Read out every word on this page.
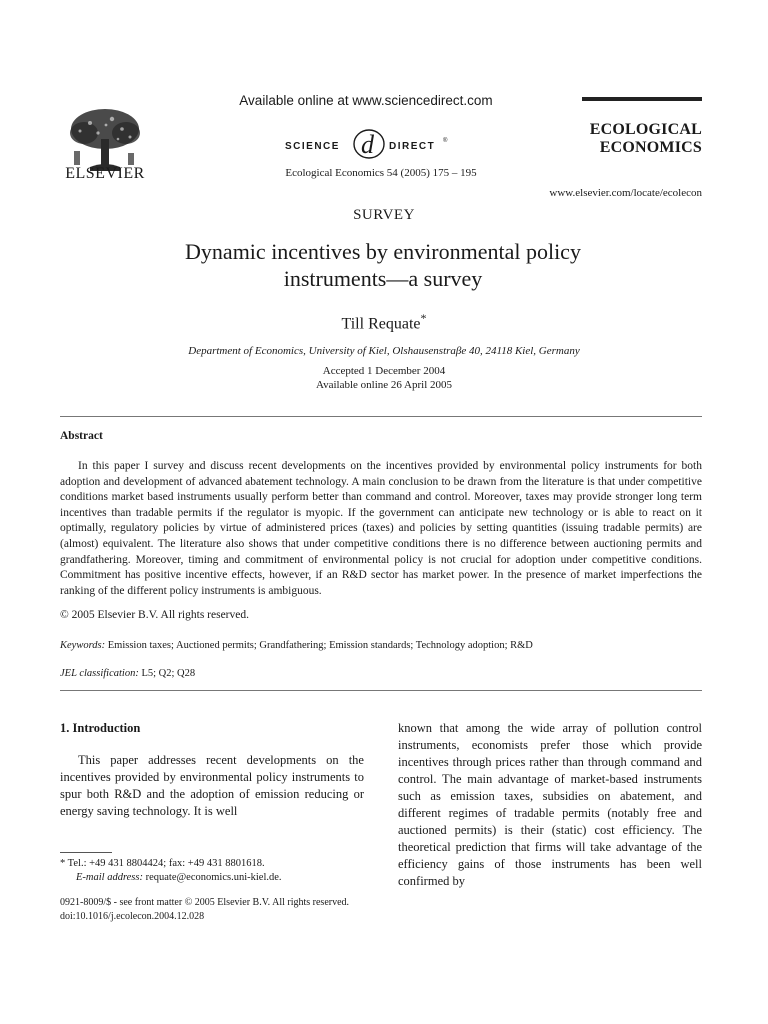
ELSEVIER
Available online at www.sciencedirect.com
SCIENCE d DIRECT ®
Ecological Economics 54 (2005) 175 – 195
ECOLOGICAL
ECONOMICS
www.elsevier.com/locate/ecolecon
SURVEY
Dynamic incentives by environmental policy
instruments—a survey
Till Requate*
Department of Economics, University of Kiel, Olshausenstraβe 40, 24118 Kiel, Germany
Accepted 1 December 2004
Available online 26 April 2005
Abstract

In this paper I survey and discuss recent developments on the incentives provided by environmental policy instruments for both adoption and development of advanced abatement technology. A main conclusion to be drawn from the literature is that under competitive conditions market based instruments usually perform better than command and control. Moreover, taxes may provide stronger long term incentives than tradable permits if the regulator is myopic. If the government can anticipate new technology or is able to react on it optimally, regulatory policies by virtue of administered prices (taxes) and policies by setting quantities (issuing tradable permits) are (almost) equivalent. The literature also shows that under competitive conditions there is no difference between auctioning permits and grandfathering. Moreover, timing and commitment of environmental policy is not crucial for adoption under competitive conditions. Commitment has positive incentive effects, however, if an R&D sector has market power. In the presence of market imperfections the ranking of the different policy instruments is ambiguous.

© 2005 Elsevier B.V. All rights reserved.
Keywords: Emission taxes; Auctioned permits; Grandfathering; Emission standards; Technology adoption; R&D
JEL classification: L5; Q2; Q28
1. Introduction

This paper addresses recent developments on the incentives provided by environmental policy instruments to spur both R&D and the adoption of emission reducing or energy saving technology. It is well

known that among the wide array of pollution control instruments, economists prefer those which provide incentives through prices rather than through command and control. The main advantage of market-based instruments such as emission taxes, subsidies on abatement, and different regimes of tradable permits (notably free and auctioned permits) is their (static) cost efficiency. The theoretical prediction that firms will take advantage of the efficiency gains of those instruments has been well confirmed by

* Tel.: +49 431 8804424; fax: +49 431 8801618.
E-mail address: requate@economics.uni-kiel.de.
0921-8009/$ - see front matter © 2005 Elsevier B.V. All rights reserved.
doi:10.1016/j.ecolecon.2004.12.028
